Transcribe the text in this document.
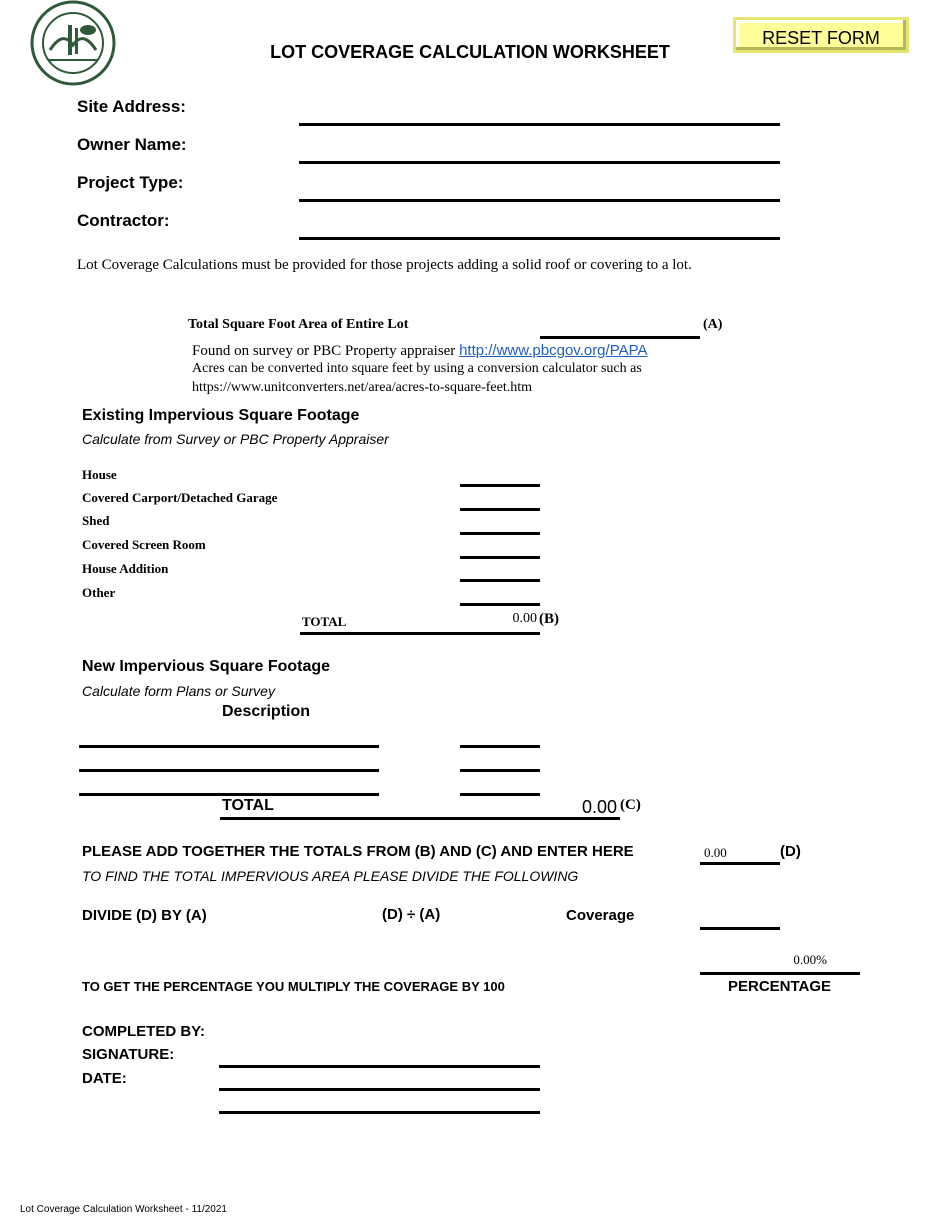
LOT COVERAGE CALCULATION WORKSHEET
RESET FORM
Site Address:
Owner Name:
Project Type:
Contractor:
Lot Coverage Calculations must be provided for those projects adding a solid roof or covering to a lot.
Total Square Foot Area of Entire Lot	(A)
Found on survey or PBC Property appraiser http://www.pbcgov.org/PAPA
Acres can be converted into square feet by using a conversion calculator such as
https://www.unitconverters.net/area/acres-to-square-feet.htm
Existing Impervious Square Footage
Calculate from Survey or PBC Property Appraiser
House
Covered Carport/Detached Garage
Shed
Covered Screen Room
House Addition
Other
TOTAL	0.00 (B)
New Impervious Square Footage
Calculate form Plans or Survey
Description
TOTAL	0.00 (C)
PLEASE ADD TOGETHER THE TOTALS FROM (B) AND (C) AND ENTER HERE	0.00	(D)
TO FIND THE TOTAL IMPERVIOUS AREA PLEASE DIVIDE THE FOLLOWING
DIVIDE (D) BY (A)	(D) ÷ (A)	Coverage
0.00%
TO GET THE PERCENTAGE YOU MULTIPLY THE COVERAGE BY 100	PERCENTAGE
COMPLETED BY:
SIGNATURE:
DATE:
Lot Coverage Calculation Worksheet - 11/2021
